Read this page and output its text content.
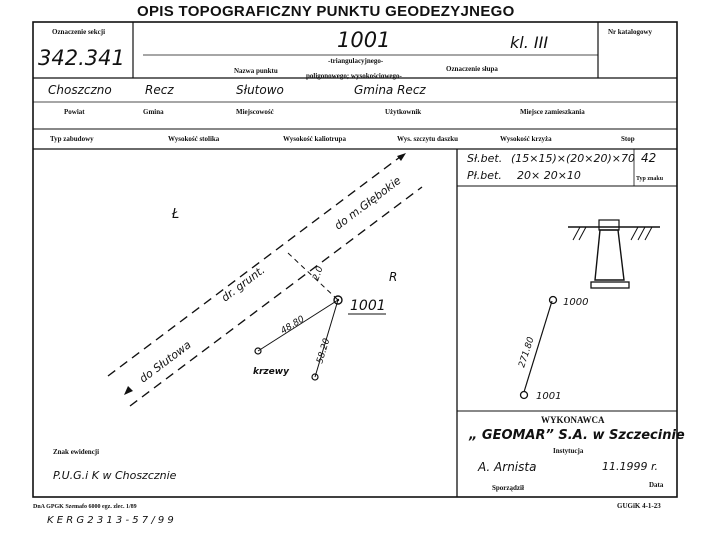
OPIS TOPOGRAFICZNY PUNKTU GEODEZYJNEGO
Oznaczenie sekcji
342.341
1001	kl. III
Nr katalogowy
Nazwa punktu
-triangulacyjnego-
poligonowego; wysokościowego-
Oznaczenie słupa
Choszczno	Recz	Słutowo	Gmina Recz
Powiat	Gmina	Miejscowość	Użytkownik	Miejsce zamieszkania
Typ zabudowy	Wysokość stolika	Wysokość kaliotrupa	Wys. szczytu daszku	Wysokość krzyża	Stop
Ł
R
do m.Głębokie
dr. grunt.
do Słutowa
2.0
48.80
58.20
1001
krzewy
Sł.bet. (15×15)×(20×20)×70
Pł.bet. 20× 20×10
42
Typ znaku
1000
1001
271.80
WYKONAWCA
„ GEOMAR” S.A. w Szczecinie
Instytucja
A. Arnista	11.1999 r.
Sporządził	Data
Znak ewidencji
P.U.G.i K w Choszcznie
DnA GPGK Szemafo 6000 egz. zlec. 1/89	GUGiK 4-1-23
K E R G 2 3 1 3 - 5 7 / 9 9
